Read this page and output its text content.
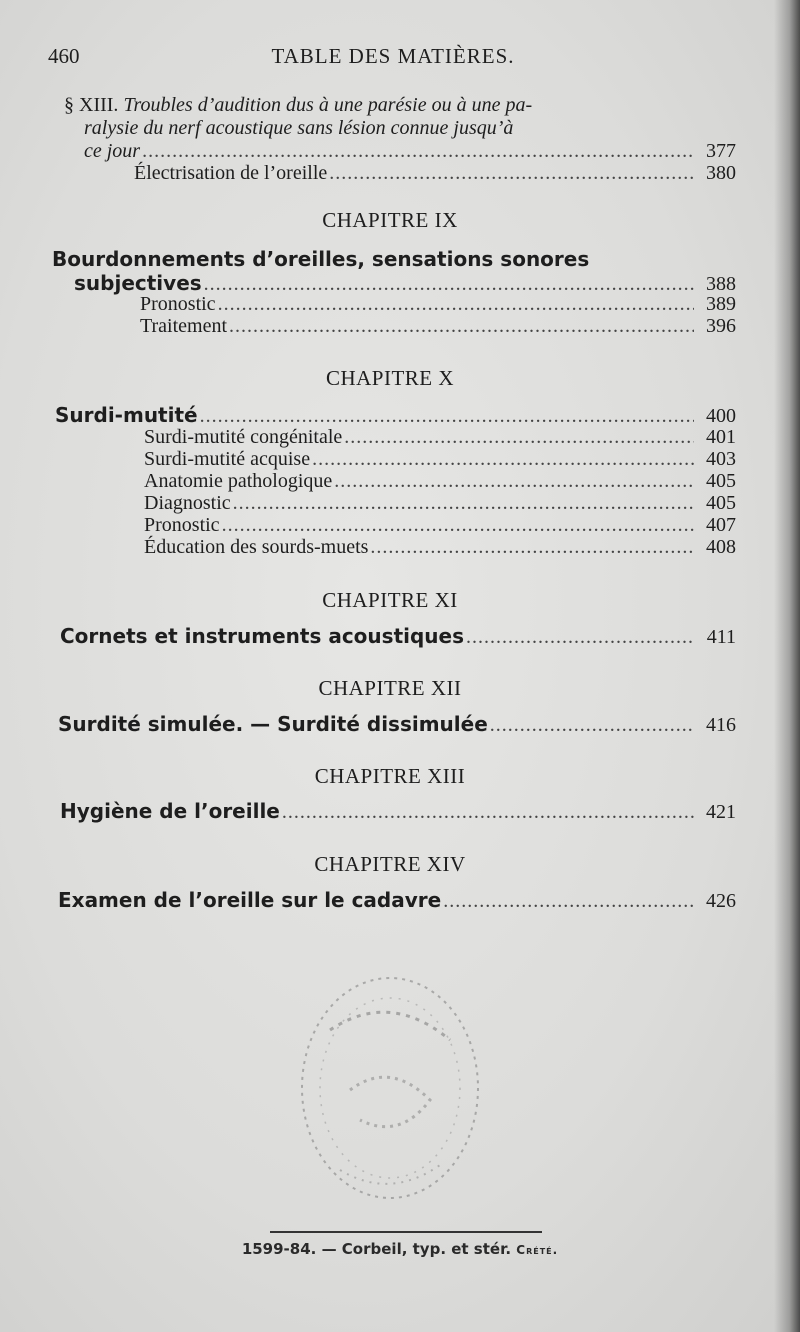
460	TABLE DES MATIÈRES.
§ XIII. Troubles d’audition dus à une parésie ou à une pa-
ralysie du nerf acoustique sans lésion connue jusqu’à
ce jour .....	377
Électrisation de l’oreille .....	380
CHAPITRE IX
Bourdonnements d’oreilles, sensations sonores
subjectives .....	388
Pronostic .....	389
Traitement .....	396
CHAPITRE X
Surdi-mutité .....	400
Surdi-mutité congénitale .....	401
Surdi-mutité acquise .....	403
Anatomie pathologique .....	405
Diagnostic .....	405
Pronostic .....	407
Éducation des sourds-muets .....	408
CHAPITRE XI
Cornets et instruments acoustiques .....	411
CHAPITRE XII
Surdité simulée. — Surdité dissimulée .....	416
CHAPITRE XIII
Hygiène de l’oreille .....	421
CHAPITRE XIV
Examen de l’oreille sur le cadavre .....	426
1599-84. — Corbeil, typ. et stér. Crété.
